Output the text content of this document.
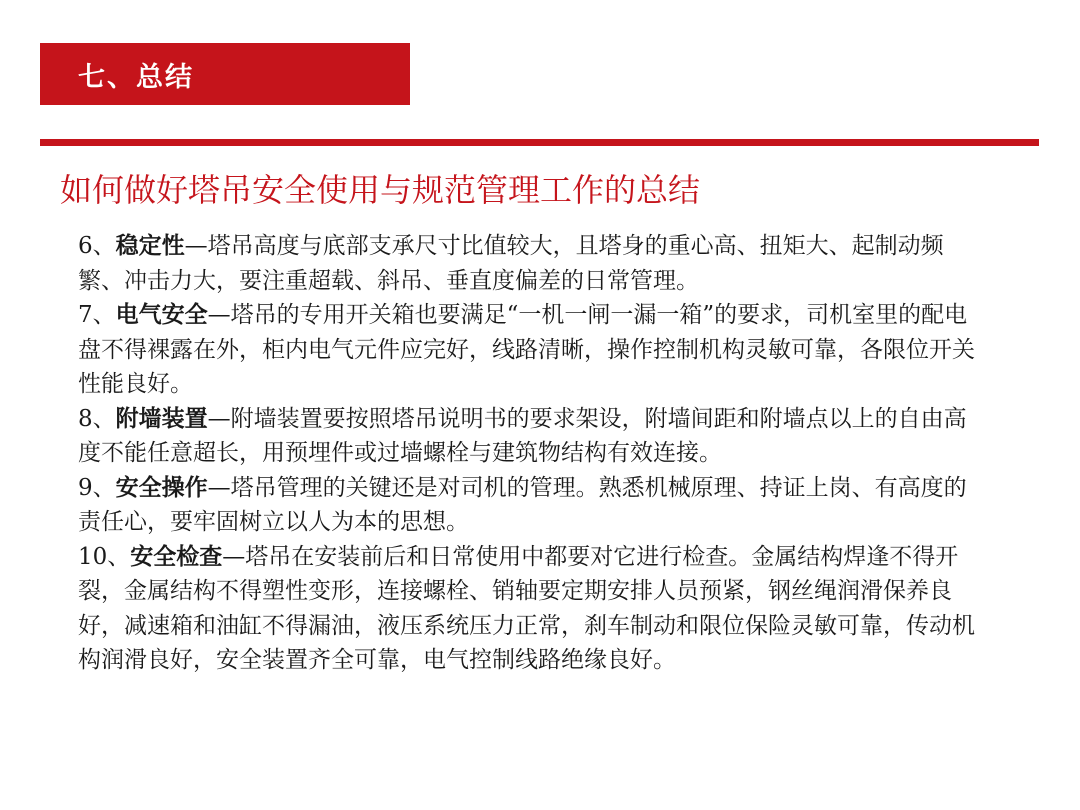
七、总结
如何做好塔吊安全使用与规范管理工作的总结

6、稳定性—塔吊高度与底部支承尺寸比值较大，且塔身的重心高、扭矩大、起制动频繁、冲击力大，要注重超载、斜吊、垂直度偏差的日常管理。

7、电气安全—塔吊的专用开关箱也要满足“一机一闸一漏一箱”的要求，司机室里的配电盘不得裸露在外，柜内电气元件应完好，线路清晰，操作控制机构灵敏可靠，各限位开关性能良好。

8、附墙装置—附墙装置要按照塔吊说明书的要求架设，附墙间距和附墙点以上的自由高度不能任意超长，用预埋件或过墙螺栓与建筑物结构有效连接。

9、安全操作—塔吊管理的关键还是对司机的管理。熟悉机械原理、持证上岗、有高度的责任心，要牢固树立以人为本的思想。

10、安全检查—塔吊在安装前后和日常使用中都要对它进行检查。金属结构焊逢不得开裂，金属结构不得塑性变形，连接螺栓、销轴要定期安排人员预紧，钢丝绳润滑保养良好，减速箱和油缸不得漏油，液压系统压力正常，刹车制动和限位保险灵敏可靠，传动机构润滑良好，安全装置齐全可靠，电气控制线路绝缘良好。
